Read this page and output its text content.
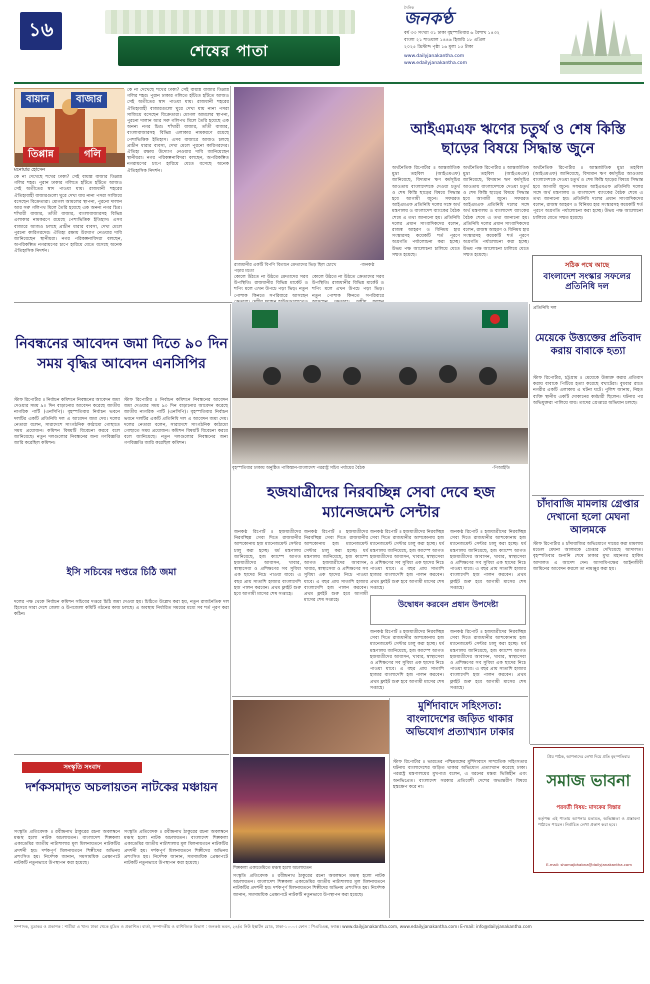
১৬
শেষের পাতা
দৈনিক
জনকণ্ঠ
বর্ষ ৩৩ সংখ্যা ৩১ ঢাকা বৃহস্পতিবার ৬ বৈশাখ ১৪৩২
বাংলা ২১ শাওয়াল ১৪৪৬ হিজরি ১৮ এপ্রিল
২০২৫ খ্রিস্টাব্দ পৃষ্ঠা ১৬ মূল্য ১৫ টাকা
www.dailyjanakantha.com
www.edailyjanakantha.com
বায়ান	বাজার
তিপ্পান্ন	গলি
মনোয়ার হোসেন
কে না দেখেছে শখের ঢাকা? সেই বায়ান্ন বাজার তিপ্পান্ন গলির শহর। পুরান ঢাকার গলিতে হাঁটতে হাঁটতে আজও সেই অতীতের স্বাদ পাওয়া যায়। রাজধানী শহরের ঐতিহ্যবাহী বাজারগুলো ঘুরে দেখা যায় নানা পসরা সাজিয়ে বসেছেন বিক্রেতারা। মোগল আমলের স্থাপনা, পুরনো দালান আর সরু গলিপথ মিলে তৈরি হয়েছে এক অনন্য নগর চিত্র। শাঁখারী বাজার, তাঁতী বাজার, বাংলাবাজারসহ বিভিন্ন এলাকার নামকরণে রয়েছে পেশাভিত্তিক ইতিহাস। এসব বাজারে আজও চলছে প্রাচীন ধারার ব্যবসা, দেখা মেলে পুরনো কারিগরদের। ঐতিহ্য রক্ষায় উদ্যোগ নেওয়ার দাবি জানিয়েছেন স্থানীয়রা। নগর পরিকল্পনাবিদরা বলছেন, অপরিকল্পিত নগরায়ণের চাপে হারিয়ে যেতে বসেছে অনেক ঐতিহাসিক নিদর্শন।
কে না দেখেছে শখের ঢাকা? সেই বায়ান্ন বাজার তিপ্পান্ন গলির শহর। পুরান ঢাকার গলিতে হাঁটতে হাঁটতে আজও সেই অতীতের স্বাদ পাওয়া যায়। রাজধানী শহরের ঐতিহ্যবাহী বাজারগুলো ঘুরে দেখা যায় নানা পসরা সাজিয়ে বসেছেন বিক্রেতারা। মোগল আমলের স্থাপনা, পুরনো দালান আর সরু গলিপথ মিলে তৈরি হয়েছে এক অনন্য নগর চিত্র। শাঁখারী বাজার, তাঁতী বাজার, বাংলাবাজারসহ বিভিন্ন এলাকার নামকরণে রয়েছে পেশাভিত্তিক ইতিহাস। এসব বাজারে আজও চলছে প্রাচীন ধারার ব্যবসা, দেখা মেলে পুরনো কারিগরদের। ঐতিহ্য রক্ষায় উদ্যোগ নেওয়ার দাবি জানিয়েছেন স্থানীয়রা। নগর পরিকল্পনাবিদরা বলছেন, অপরিকল্পিত নগরায়ণের চাপে হারিয়ে যেতে বসেছে অনেক ঐতিহাসিক নিদর্শন।
রাজধানীর একটি বিপণি বিতানে ক্রেতাদের ভিড় ছিল চোখে পড়ার মতো
-জনকণ্ঠ
কোলে উঠতে না উঠতে ক্রেতাদের সরব উপস্থিতি। রাজধানীর বিভিন্ন মার্কেট ও শপিং মলে এখন উপচে পড়া ভিড়। নতুন পোশাক কিনতে সপরিবারে আসছেন
কোলে উঠতে না উঠতে ক্রেতাদের সরব উপস্থিতি। রাজধানীর বিভিন্ন মার্কেট ও শপিং মলে এখন উপচে পড়া ভিড়। নতুন পোশাক কিনতে সপরিবারে
আইএমএফ ঋণের চতুর্থ ও শেষ কিস্তি ছাড়ের বিষয়ে সিদ্ধান্ত জুনে
অর্থনৈতিক রিপোর্টার ॥ আন্তর্জাতিক মুদ্রা তহবিল (আইএমএফ) জানিয়েছে, বিদ্যমান ঋণ কর্মসূচির আওতায় বাংলাদেশকে দেওয়া চতুর্থ ও শেষ কিস্তি ছাড়ের বিষয়ে সিদ্ধান্ত হবে আগামী জুনে। সফররত আইএমএফ প্রতিনিধি দলের সঙ্গে অর্থ মন্ত্রণালয় ও বাংলাদেশ ব্যাংকের বৈঠক শেষে এ তথ্য জানানো হয়। প্রতিনিধি দলের প্রধান সাংবাদিকদের বলেন, রাজস্ব আহরণ ও বিনিময় হার সংস্কারসহ কয়েকটি শর্ত পূরণে অগ্রগতি পর্যালোচনা করা হচ্ছে। উভয় পক্ষ আলোচনা চালিয়ে যেতে সম্মত হয়েছে।
অর্থনৈতিক রিপোর্টার ॥ আন্তর্জাতিক মুদ্রা তহবিল (আইএমএফ) জানিয়েছে, বিদ্যমান ঋণ কর্মসূচির আওতায় বাংলাদেশকে দেওয়া চতুর্থ ও শেষ কিস্তি ছাড়ের বিষয়ে সিদ্ধান্ত হবে আগামী জুনে। সফররত আইএমএফ প্রতিনিধি দলের সঙ্গে অর্থ মন্ত্রণালয় ও বাংলাদেশ ব্যাংকের বৈঠক শেষে এ তথ্য জানানো হয়। প্রতিনিধি দলের প্রধান সাংবাদিকদের বলেন, রাজস্ব আহরণ ও বিনিময় হার সংস্কারসহ কয়েকটি শর্ত পূরণে অগ্রগতি পর্যালোচনা করা হচ্ছে। উভয় পক্ষ আলোচনা চালিয়ে যেতে সম্মত হয়েছে।
অর্থনৈতিক রিপোর্টার ॥ আন্তর্জাতিক মুদ্রা তহবিল (আইএমএফ) জানিয়েছে, বিদ্যমান ঋণ কর্মসূচির আওতায় বাংলাদেশকে দেওয়া চতুর্থ ও শেষ কিস্তি ছাড়ের বিষয়ে সিদ্ধান্ত হবে আগামী জুনে। সফররত আইএমএফ প্রতিনিধি দলের সঙ্গে অর্থ মন্ত্রণালয় ও বাংলাদেশ ব্যাংকের বৈঠক শেষে এ তথ্য জানানো হয়। প্রতিনিধি দলের প্রধান সাংবাদিকদের বলেন, রাজস্ব আহরণ ও বিনিময় হার সংস্কারসহ কয়েকটি শর্ত পূরণে অগ্রগতি পর্যালোচনা করা হচ্ছে। উভয় পক্ষ আলোচনা চালিয়ে যেতে সম্মত হয়েছে।
সঠিক পথে আছে
বাংলাদেশ সংস্কার সফলের প্রতিনিধি দল
নিবন্ধনের আবেদন জমা দিতে ৯০ দিন সময় বৃদ্ধির আবেদন এনসিপির
স্টাফ রিপোর্টার ॥ নির্বাচন কমিশনে নিবন্ধনের আবেদন জমা দেওয়ার সময় ৯০ দিন বাড়ানোর আবেদন করেছে জাতীয় নাগরিক পার্টি (এনসিপি)। বৃহস্পতিবার নির্বাচন ভবনে দলটির একটি প্রতিনিধি দল এ আবেদন জমা দেয়। দলের নেতারা বলেন, সারাদেশে সাংগঠনিক কাঠামো গোছাতে সময় প্রয়োজন। কমিশন বিষয়টি বিবেচনা করবে বলে জানিয়েছে। নতুন দলগুলোর নিবন্ধনের জন্য গণবিজ্ঞপ্তি জারি করেছিল কমিশন।
স্টাফ রিপোর্টার ॥ নির্বাচন কমিশনে নিবন্ধনের আবেদন জমা দেওয়ার সময় ৯০ দিন বাড়ানোর আবেদন করেছে জাতীয় নাগরিক পার্টি (এনসিপি)। বৃহস্পতিবার নির্বাচন ভবনে দলটির একটি প্রতিনিধি দল এ আবেদন জমা দেয়। দলের নেতারা বলেন, সারাদেশে সাংগঠনিক কাঠামো গোছাতে সময় প্রয়োজন। কমিশন বিষয়টি বিবেচনা করবে বলে জানিয়েছে। নতুন দলগুলোর নিবন্ধনের জন্য গণবিজ্ঞপ্তি জারি করেছিল কমিশন।
ইসি সচিবের দপ্তরে চিঠি জমা
দলের পক্ষ থেকে নির্বাচন কমিশন সচিবের দপ্তরে চিঠি জমা দেওয়া হয়। চিঠিতে উল্লেখ করা হয়, নতুন রাজনৈতিক দল হিসেবে সারা দেশে জেলা ও উপজেলা কমিটি গঠনের কাজ চলছে। এ অবস্থায় নির্ধারিত সময়ের মধ্যে সব শর্ত পূরণ করা কঠিন।
বৃহস্পতিবার ঢাকায় অনুষ্ঠিত পাকিস্তান-বাংলাদেশ পররাষ্ট্র সচিব পর্যায়ের বৈঠক	-পিআইডি
হজযাত্রীদের নিরবচ্ছিন্ন সেবা দেবে হজ ম্যানেজমেন্ট সেন্টার
জনকণ্ঠ রিপোর্ট ॥ হজযাত্রীদের নিরবচ্ছিন্ন সেবা দিতে রাজধানীর আশকোনায় হজ ম্যানেজমেন্ট সেন্টার চালু করা হচ্ছে। ধর্ম মন্ত্রণালয় জানিয়েছে, হজ ক্যাম্পে আগত হজযাত্রীদের আবাসন, খাবার, স্বাস্থ্যসেবা ও প্রশিক্ষণের সব সুবিধা এক ছাদের নিচে পাওয়া যাবে। এ বছর প্রায় সাতাশি হাজার বাংলাদেশি হজ পালন করবেন। প্রথম ফ্লাইট শুরু হবে আগামী মাসের শেষ সপ্তাহে।
জনকণ্ঠ রিপোর্ট ॥ হজযাত্রীদের নিরবচ্ছিন্ন সেবা দিতে রাজধানীর আশকোনায় হজ ম্যানেজমেন্ট সেন্টার চালু করা হচ্ছে। ধর্ম মন্ত্রণালয় জানিয়েছে, হজ ক্যাম্পে আগত হজযাত্রীদের আবাসন, খাবার, স্বাস্থ্যসেবা ও প্রশিক্ষণের সব সুবিধা এক ছাদের নিচে পাওয়া যাবে। এ বছর প্রায় সাতাশি হাজার বাংলাদেশি হজ পালন করবেন। প্রথম ফ্লাইট শুরু হবে আগামী মাসের শেষ সপ্তাহে।
জনকণ্ঠ রিপোর্ট ॥ হজযাত্রীদের নিরবচ্ছিন্ন সেবা দিতে রাজধানীর আশকোনায় হজ ম্যানেজমেন্ট সেন্টার চালু করা হচ্ছে। ধর্ম মন্ত্রণালয় জানিয়েছে, হজ ক্যাম্পে আগত হজযাত্রীদের আবাসন, খাবার, স্বাস্থ্যসেবা ও প্রশিক্ষণের সব সুবিধা এক ছাদের নিচে পাওয়া যাবে। এ বছর প্রায় সাতাশি হাজার বাংলাদেশি হজ পালন করবেন। প্রথম ফ্লাইট শুরু হবে আগামী মাসের শেষ সপ্তাহে।
জনকণ্ঠ রিপোর্ট ॥ হজযাত্রীদের নিরবচ্ছিন্ন সেবা দিতে রাজধানীর আশকোনায় হজ ম্যানেজমেন্ট সেন্টার চালু করা হচ্ছে। ধর্ম মন্ত্রণালয় জানিয়েছে, হজ ক্যাম্পে আগত হজযাত্রীদের আবাসন, খাবার, স্বাস্থ্যসেবা ও প্রশিক্ষণের সব সুবিধা এক ছাদের নিচে পাওয়া যাবে। এ বছর প্রায় সাতাশি হাজার বাংলাদেশি হজ পালন করবেন। প্রথম ফ্লাইট শুরু হবে আগামী মাসের শেষ সপ্তাহে।
উদ্বোধন করবেন প্রধান উপদেষ্টা
জনকণ্ঠ রিপোর্ট ॥ হজযাত্রীদের নিরবচ্ছিন্ন সেবা দিতে রাজধানীর আশকোনায় হজ ম্যানেজমেন্ট সেন্টার চালু করা হচ্ছে। ধর্ম মন্ত্রণালয় জানিয়েছে, হজ ক্যাম্পে আগত হজযাত্রীদের আবাসন, খাবার, স্বাস্থ্যসেবা ও প্রশিক্ষণের সব সুবিধা এক ছাদের নিচে পাওয়া যাবে। এ বছর প্রায় সাতাশি হাজার বাংলাদেশি হজ পালন করবেন। প্রথম ফ্লাইট শুরু হবে আগামী মাসের শেষ সপ্তাহে।
জনকণ্ঠ রিপোর্ট ॥ হজযাত্রীদের নিরবচ্ছিন্ন সেবা দিতে রাজধানীর আশকোনায় হজ ম্যানেজমেন্ট সেন্টার চালু করা হচ্ছে। ধর্ম মন্ত্রণালয় জানিয়েছে, হজ ক্যাম্পে আগত হজযাত্রীদের আবাসন, খাবার, স্বাস্থ্যসেবা ও প্রশিক্ষণের সব সুবিধা এক ছাদের নিচে পাওয়া যাবে। এ বছর প্রায় সাতাশি হাজার বাংলাদেশি হজ পালন করবেন। প্রথম ফ্লাইট শুরু হবে আগামী মাসের শেষ সপ্তাহে।
প্রতিনিধি দল
মেয়েকে উত্ত্যক্তের প্রতিবাদ করায় বাবাকে হত্যা
স্টাফ রিপোর্টার, চট্টগ্রাম ॥ মেয়েকে উত্ত্যক্ত করার প্রতিবাদ করায় বাবাকে পিটিয়ে হত্যা করেছে বখাটেরা। বুধবার রাতে নগরীর একটি এলাকায় এ ঘটনা ঘটে। পুলিশ জানায়, নিহত ব্যক্তি স্থানীয় একটি দোকানের কর্মচারী ছিলেন। ঘটনার পর অভিযুক্তরা পালিয়ে যায়। তাদের গ্রেপ্তারে অভিযান চলছে।
চাঁদাবাজি মামলায় গ্রেপ্তার দেখানো হলো মেঘনা আলমকে
স্টাফ রিপোর্টার ॥ চাঁদাবাজির অভিযোগে দায়ের করা মামলায় মডেল মেঘনা আলমকে গ্রেপ্তার দেখিয়েছে আদালত। বৃহস্পতিবার শুনানি শেষে ঢাকার মুখ্য মহানগর হাকিম আদালত এ আদেশ দেন। আসামিপক্ষের আইনজীবী জামিনের আবেদন করলে তা নামঞ্জুর করা হয়।
সংস্কৃতি সংবাদ
দর্শকসমাদৃত অচলায়তন নাটকের মঞ্চায়ন
সংস্কৃতি প্রতিবেদক ॥ রবীন্দ্রনাথ ঠাকুরের রচনা অবলম্বনে মঞ্চস্থ হলো নাটক অচলায়তন। বাংলাদেশ শিল্পকলা একাডেমির জাতীয় নাট্যশালার মূল মিলনায়তনে নাটকটির প্রদর্শনী হয়। দর্শকপূর্ণ মিলনায়তনে শিল্পীদের অভিনয় প্রশংসিত হয়। নির্দেশক জানান, সমসাময়িক প্রেক্ষাপটে নাটকটি নতুনভাবে উপস্থাপন করা হয়েছে।
সংস্কৃতি প্রতিবেদক ॥ রবীন্দ্রনাথ ঠাকুরের রচনা অবলম্বনে মঞ্চস্থ হলো নাটক অচলায়তন। বাংলাদেশ শিল্পকলা একাডেমির জাতীয় নাট্যশালার মূল মিলনায়তনে নাটকটির প্রদর্শনী হয়। দর্শকপূর্ণ মিলনায়তনে শিল্পীদের অভিনয় প্রশংসিত হয়। নির্দেশক জানান, সমসাময়িক প্রেক্ষাপটে নাটকটি নতুনভাবে উপস্থাপন করা হয়েছে।
শিল্পকলা একাডেমিতে মঞ্চস্থ হলো অচলায়তন
সংস্কৃতি প্রতিবেদক ॥ রবীন্দ্রনাথ ঠাকুরের রচনা অবলম্বনে মঞ্চস্থ হলো নাটক অচলায়তন। বাংলাদেশ শিল্পকলা একাডেমির জাতীয় নাট্যশালার মূল মিলনায়তনে নাটকটির প্রদর্শনী হয়। দর্শকপূর্ণ মিলনায়তনে শিল্পীদের অভিনয় প্রশংসিত হয়। নির্দেশক জানান, সমসাময়িক প্রেক্ষাপটে নাটকটি নতুনভাবে উপস্থাপন করা হয়েছে।
মুর্শিদাবাদে সহিংসতা: বাংলাদেশের জড়িত থাকার অভিযোগ প্রত্যাখ্যান ঢাকার
স্টাফ রিপোর্টার ॥ ভারতের পশ্চিমবঙ্গের মুর্শিদাবাদে সাম্প্রতিক সহিংসতার ঘটনায় বাংলাদেশের জড়িত থাকার অভিযোগ প্রত্যাখ্যান করেছে ঢাকা। পররাষ্ট্র মন্ত্রণালয়ের মুখপাত্র বলেন, এ ধরনের মন্তব্য ভিত্তিহীন এবং অনভিপ্রেত। বাংলাদেশ সরকার প্রতিবেশী দেশের অভ্যন্তরীণ বিষয়ে হস্তক্ষেপ করে না।
প্রিয় পাঠক, আপনাদের লেখা দিয়ে প্রতি বৃহস্পতিবার
সমাজ ভাবনা
পরবর্তী বিষয়: মাদকের বিস্তার
কর্তৃপক্ষ এই পাতায় আপনার মতামত, অভিজ্ঞতা ও প্রস্তাবনা পাঠাতে পারেন। নির্বাচিত লেখা প্রকাশ করা হবে।
E-mail: shomajbhabna@dailyjanakantha.com
সম্পাদক, মুদ্রাকর ও প্রকাশক : শামীমা এ খান। ঢাকা থেকে মুদ্রিত ও প্রকাশিত। বার্তা, সম্পাদকীয় ও বাণিজ্যিক বিভাগ : জনকণ্ঠ ভবন, ২৪/এ নিউ ইস্কাটন রোড, ঢাকা-১০০০। ফোন : পিএবিএক্স, ফ্যাক্স। www.dailyjanakantha.com, www.edailyjanakantha.com। E-mail: info@dailyjanakantha.com
